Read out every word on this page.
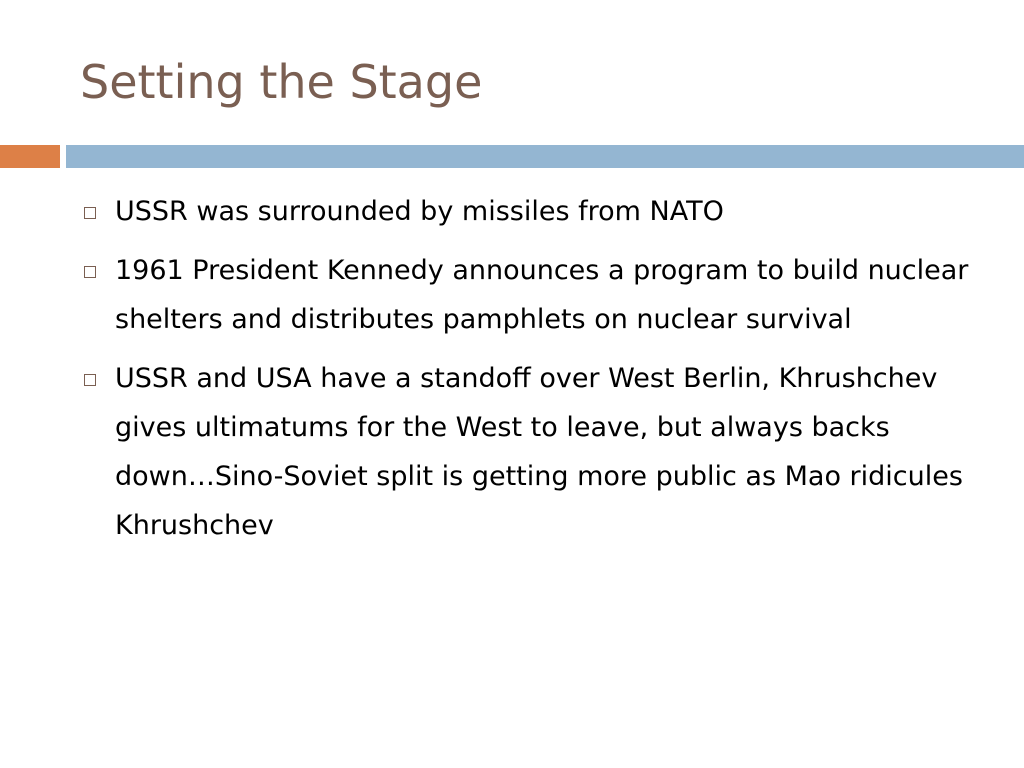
Setting the Stage
USSR was surrounded by missiles from NATO
1961 President Kennedy announces a program to build nuclear shelters and distributes pamphlets on nuclear survival
USSR and USA have a standoff over West Berlin, Khrushchev gives ultimatums for the West to leave, but always backs down…Sino-Soviet split is getting more public as Mao ridicules Khrushchev
